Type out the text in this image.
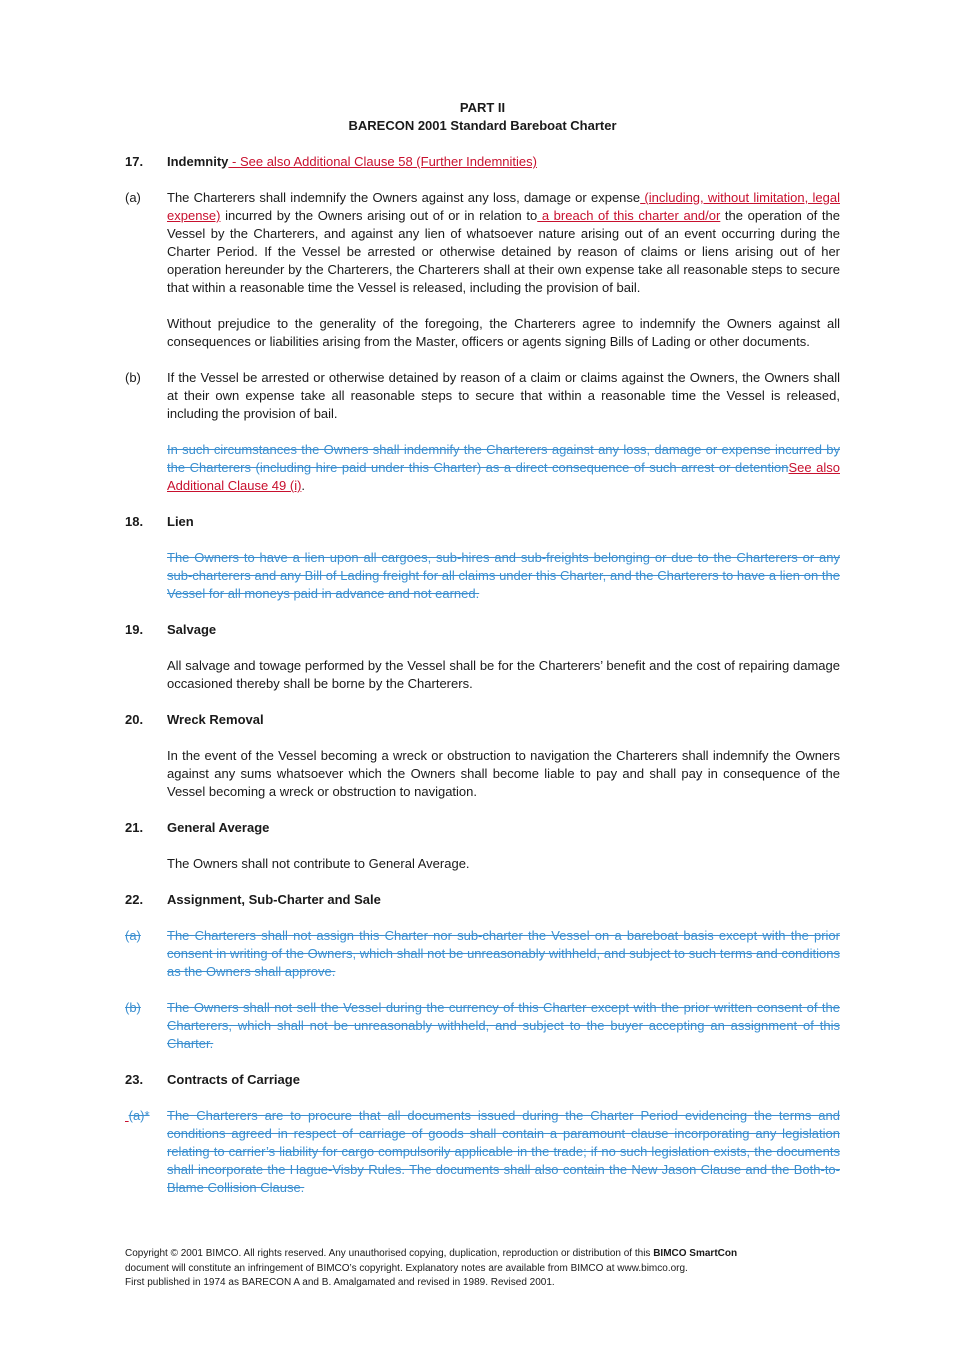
PART II
BARECON 2001 Standard Bareboat Charter
17.	Indemnity - See also Additional Clause 58 (Further Indemnities)
(a)	The Charterers shall indemnify the Owners against any loss, damage or expense (including, without limitation, legal expense) incurred by the Owners arising out of or in relation to a breach of this charter and/or the operation of the Vessel by the Charterers, and against any lien of whatsoever nature arising out of an event occurring during the Charter Period. If the Vessel be arrested or otherwise detained by reason of claims or liens arising out of her operation hereunder by the Charterers, the Charterers shall at their own expense take all reasonable steps to secure that within a reasonable time the Vessel is released, including the provision of bail.
Without prejudice to the generality of the foregoing, the Charterers agree to indemnify the Owners against all consequences or liabilities arising from the Master, officers or agents signing Bills of Lading or other documents.
(b)	If the Vessel be arrested or otherwise detained by reason of a claim or claims against the Owners, the Owners shall at their own expense take all reasonable steps to secure that within a reasonable time the Vessel is released, including the provision of bail.
In such circumstances the Owners shall indemnify the Charterers against any loss, damage or expense incurred by the Charterers (including hire paid under this Charter) as a direct consequence of such arrest or detentionSee also Additional Clause 49 (i).
18.	Lien
The Owners to have a lien upon all cargoes, sub-hires and sub-freights belonging or due to the Charterers or any sub-charterers and any Bill of Lading freight for all claims under this Charter, and the Charterers to have a lien on the Vessel for all moneys paid in advance and not earned.
19.	Salvage
All salvage and towage performed by the Vessel shall be for the Charterers’ benefit and the cost of repairing damage occasioned thereby shall be borne by the Charterers.
20.	Wreck Removal
In the event of the Vessel becoming a wreck or obstruction to navigation the Charterers shall indemnify the Owners against any sums whatsoever which the Owners shall become liable to pay and shall pay in consequence of the Vessel becoming a wreck or obstruction to navigation.
21.	General Average
The Owners shall not contribute to General Average.
22.	Assignment, Sub-Charter and Sale
(a)	The Charterers shall not assign this Charter nor sub-charter the Vessel on a bareboat basis except with the prior consent in writing of the Owners, which shall not be unreasonably withheld, and subject to such terms and conditions as the Owners shall approve.
(b)	The Owners shall not sell the Vessel during the currency of this Charter except with the prior written consent of the Charterers, which shall not be unreasonably withheld, and subject to the buyer accepting an assignment of this Charter.
23.	Contracts of Carriage
(a)*	The Charterers are to procure that all documents issued during the Charter Period evidencing the terms and conditions agreed in respect of carriage of goods shall contain a paramount clause incorporating any legislation relating to carrier’s liability for cargo compulsorily applicable in the trade; if no such legislation exists, the documents shall incorporate the Hague-Visby Rules. The documents shall also contain the New Jason Clause and the Both-to-Blame Collision Clause.
Copyright © 2001 BIMCO. All rights reserved. Any unauthorised copying, duplication, reproduction or distribution of this BIMCO SmartCon
document will constitute an infringement of BIMCO’s copyright. Explanatory notes are available from BIMCO at www.bimco.org.
First published in 1974 as BARECON A and B. Amalgamated and revised in 1989. Revised 2001.
